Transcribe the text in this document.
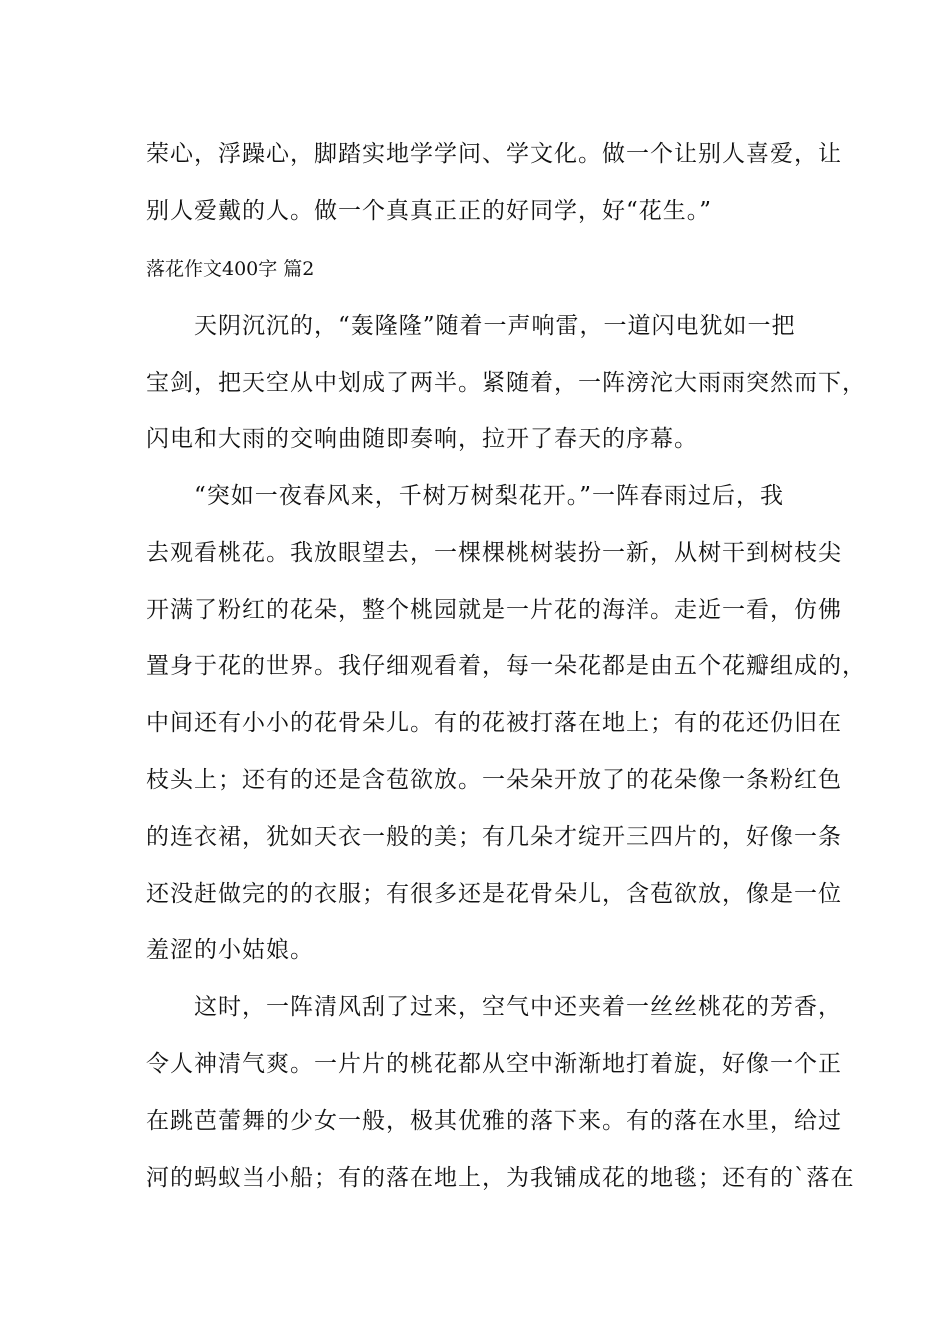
荣心，浮躁心，脚踏实地学学问、学文化。做一个让别人喜爱，让
别人爱戴的人。做一个真真正正的好同学，好“花生。”
落花作文400字 篇2
　　天阴沉沉的，“轰隆隆”随着一声响雷，一道闪电犹如一把
宝剑，把天空从中划成了两半。紧随着，一阵滂沱大雨雨突然而下，
闪电和大雨的交响曲随即奏响，拉开了春天的序幕。
　　“突如一夜春风来，千树万树梨花开。”一阵春雨过后，我
去观看桃花。我放眼望去，一棵棵桃树装扮一新，从树干到树枝尖
开满了粉红的花朵，整个桃园就是一片花的海洋。走近一看，仿佛
置身于花的世界。我仔细观看着，每一朵花都是由五个花瓣组成的，
中间还有小小的花骨朵儿。有的花被打落在地上；有的花还仍旧在
枝头上；还有的还是含苞欲放。一朵朵开放了的花朵像一条粉红色
的连衣裙，犹如天衣一般的美；有几朵才绽开三四片的，好像一条
还没赶做完的的衣服；有很多还是花骨朵儿，含苞欲放，像是一位
羞涩的小姑娘。
　　这时，一阵清风刮了过来，空气中还夹着一丝丝桃花的芳香，
令人神清气爽。一片片的桃花都从空中渐渐地打着旋，好像一个正
在跳芭蕾舞的少女一般，极其优雅的落下来。有的落在水里，给过
河的蚂蚁当小船；有的落在地上，为我铺成花的地毯；还有的`落在
